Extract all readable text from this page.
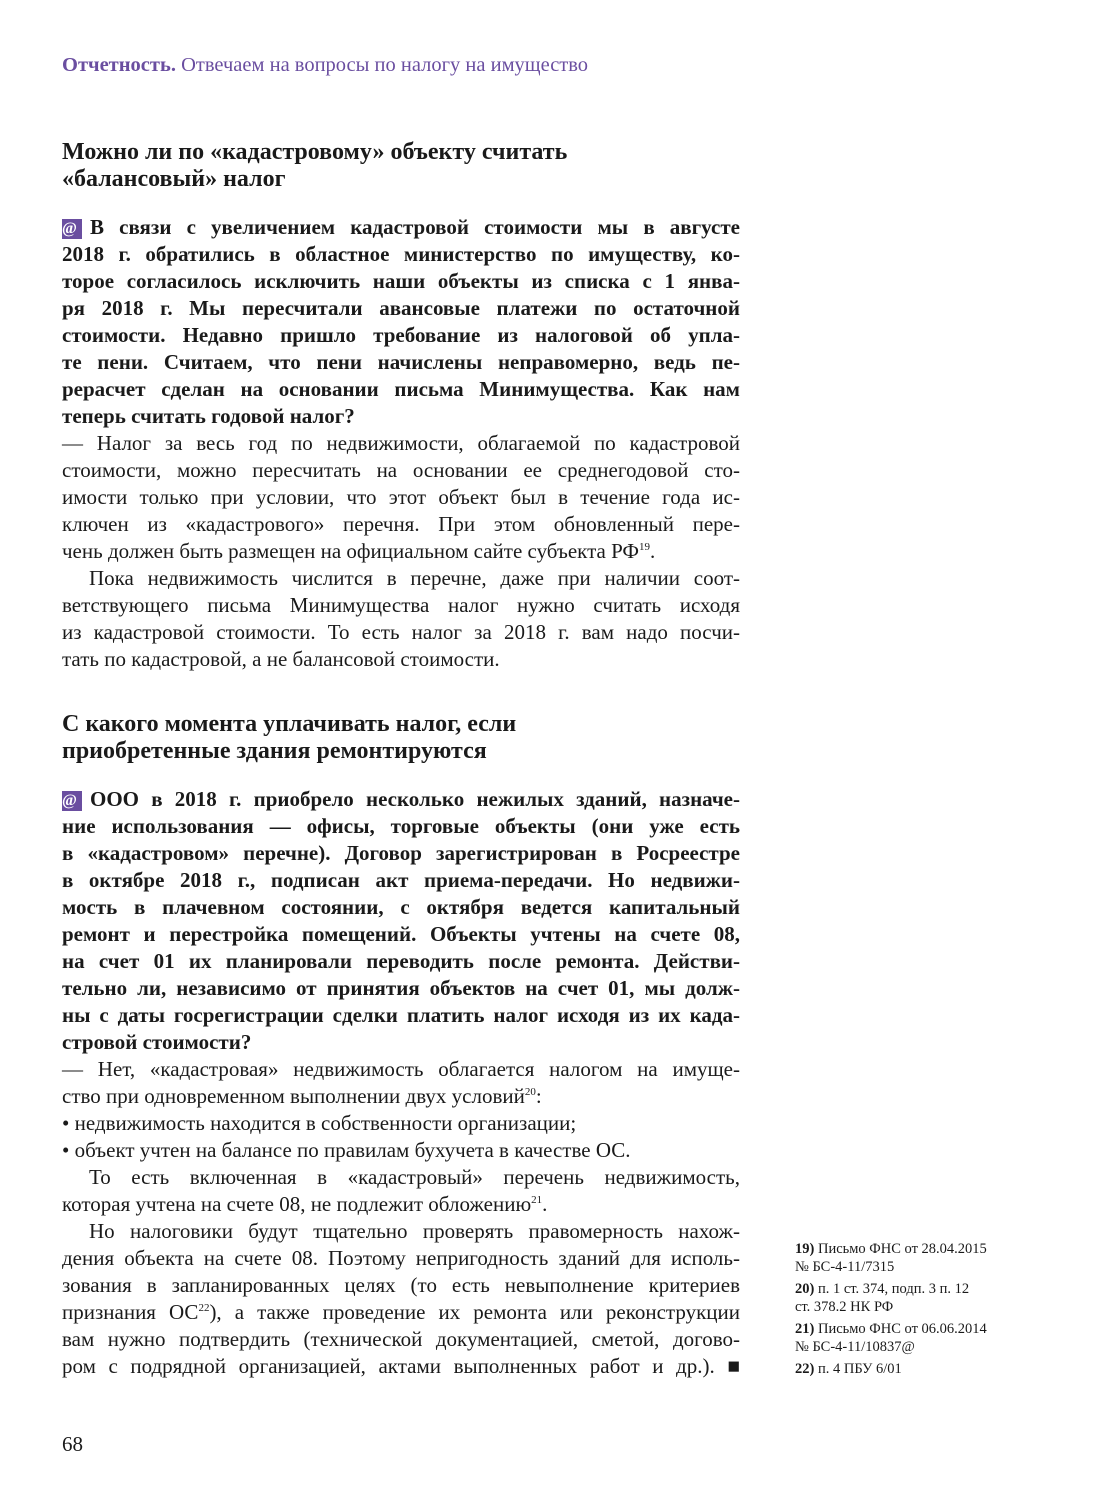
Отчетность. Отвечаем на вопросы по налогу на имущество
Можно ли по «кадастровому» объекту считать
«балансовый» налог
@ В связи с увеличением кадастровой стоимости мы в августе
2018 г. обратились в областное министерство по имуществу, ко-
торое согласилось исключить наши объекты из списка с 1 янва-
ря 2018 г. Мы пересчитали авансовые платежи по остаточной
стоимости. Недавно пришло требование из налоговой об упла-
те пени. Считаем, что пени начислены неправомерно, ведь пе-
рерасчет сделан на основании письма Минимущества. Как нам
теперь считать годовой налог?
— Налог за весь год по недвижимости, облагаемой по кадастровой
стоимости, можно пересчитать на основании ее среднегодовой сто-
имости только при условии, что этот объект был в течение года ис-
ключен из «кадастрового» перечня. При этом обновленный пере-
чень должен быть размещен на официальном сайте субъекта РФ$^{19}$.
Пока недвижимость числится в перечне, даже при наличии соот-
ветствующего письма Минимущества налог нужно считать исходя
из кадастровой стоимости. То есть налог за 2018 г. вам надо посчи-
тать по кадастровой, а не балансовой стоимости.
С какого момента уплачивать налог, если
приобретенные здания ремонтируются
@ ООО в 2018 г. приобрело несколько нежилых зданий, назначе-
ние использования — офисы, торговые объекты (они уже есть
в «кадастровом» перечне). Договор зарегистрирован в Росреестре
в октябре 2018 г., подписан акт приема-передачи. Но недвижи-
мость в плачевном состоянии, с октября ведется капитальный
ремонт и перестройка помещений. Объекты учтены на счете 08,
на счет 01 их планировали переводить после ремонта. Действи-
тельно ли, независимо от принятия объектов на счет 01, мы долж-
ны с даты госрегистрации сделки платить налог исходя из их када-
стровой стоимости?
— Нет, «кадастровая» недвижимость облагается налогом на имуще-
ство при одновременном выполнении двух условий$^{20}$:
• недвижимость находится в собственности организации;
• объект учтен на балансе по правилам бухучета в качестве ОС.
То есть включенная в «кадастровый» перечень недвижимость,
которая учтена на счете 08, не подлежит обложению$^{21}$.
Но налоговики будут тщательно проверять правомерность нахож-
дения объекта на счете 08. Поэтому непригодность зданий для исполь-
зования в запланированных целях (то есть невыполнение критериев
признания ОС$^{22}$), а также проведение их ремонта или реконструкции
вам нужно подтвердить (технической документацией, сметой, догово-
ром с подрядной организацией, актами выполненных работ и др.). ■
19) Письмо ФНС от 28.04.2015
№ БС-4-11/7315
20) п. 1 ст. 374, подп. 3 п. 12
ст. 378.2 НК РФ
21) Письмо ФНС от 06.06.2014
№ БС-4-11/10837@
22) п. 4 ПБУ 6/01
68
